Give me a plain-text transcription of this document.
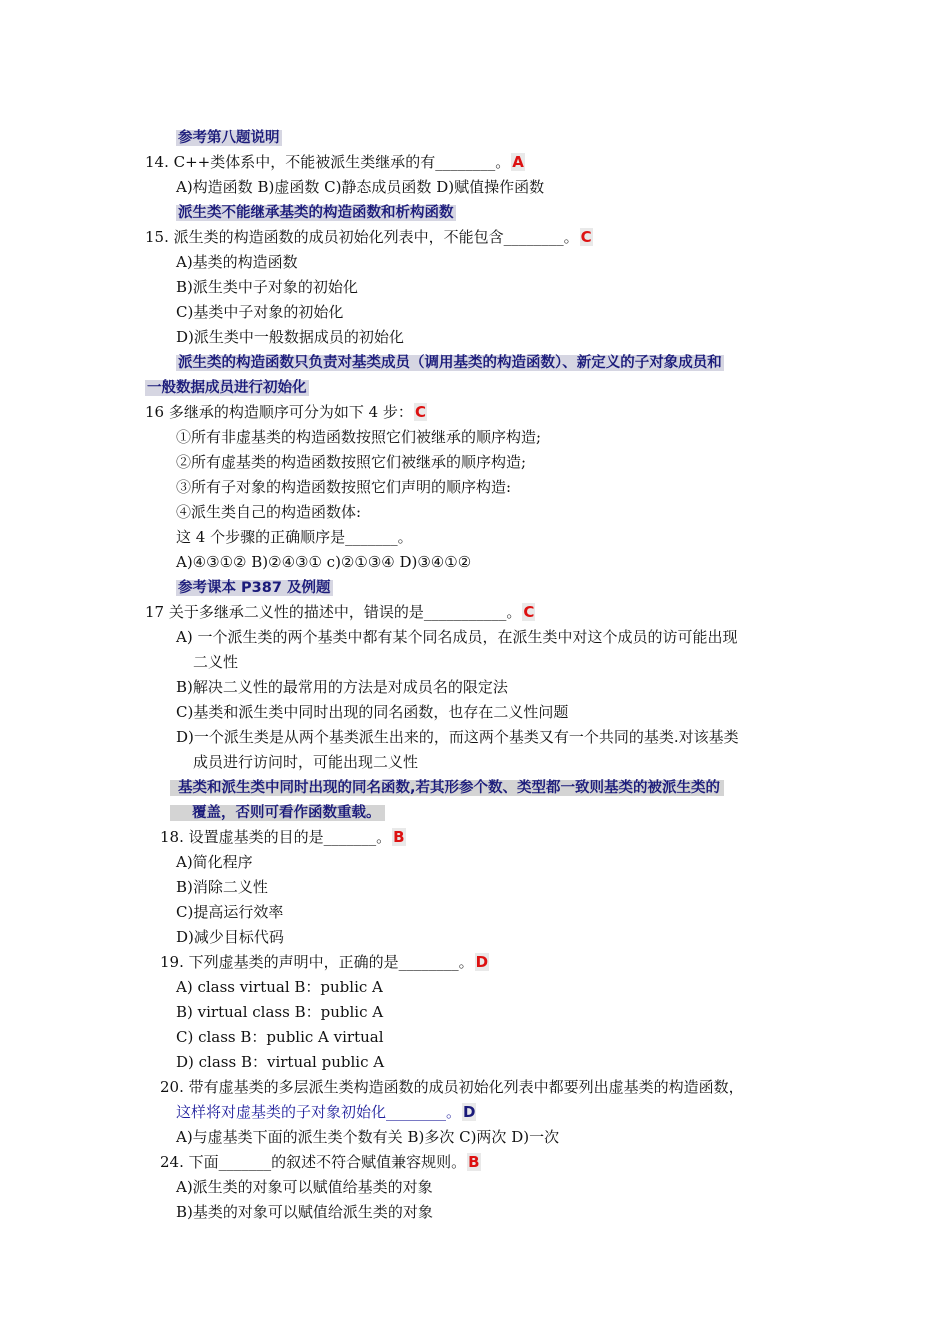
参考第八题说明
14. C++类体系中，不能被派生类继承的有________。 A
A)构造函数 B)虚函数 C)静态成员函数 D)赋值操作函数
派生类不能继承基类的构造函数和析构函数
15. 派生类的构造函数的成员初始化列表中，不能包含________。 C
A)基类的构造函数
B)派生类中子对象的初始化
C)基类中子对象的初始化
D)派生类中一般数据成员的初始化
派生类的构造函数只负责对基类成员（调用基类的构造函数）、新定义的子对象成员和
一般数据成员进行初始化
16 多继承的构造顺序可分为如下 4 步： C
①所有非虚基类的构造函数按照它们被继承的顺序构造;
②所有虚基类的构造函数按照它们被继承的顺序构造;
③所有子对象的构造函数按照它们声明的顺序构造:
④派生类自己的构造函数体:
这 4 个步骤的正确顺序是_______。
A)④③①② B)②④③① c)②①③④ D)③④①②
参考课本 P387 及例题
17 关于多继承二义性的描述中，错误的是___________。 C
A) 一个派生类的两个基类中都有某个同名成员，在派生类中对这个成员的访可能出现
二义性
B)解决二义性的最常用的方法是对成员名的限定法
C)基类和派生类中同时出现的同名函数，也存在二义性问题
D)一个派生类是从两个基类派生出来的，而这两个基类又有一个共同的基类.对该基类
成员进行访问时，可能出现二义性
基类和派生类中同时出现的同名函数,若其形参个数、类型都一致则基类的被派生类的
覆盖，否则可看作函数重载。
18. 设置虚基类的目的是_______。 B
A)简化程序
B)消除二义性
C)提高运行效率
D)减少目标代码
19. 下列虚基类的声明中，正确的是________。 D
A) class virtual B：public A
B) virtual class B：public A
C) class B：public A virtual
D) class B：virtual public A
20. 带有虚基类的多层派生类构造函数的成员初始化列表中都要列出虚基类的构造函数，
这样将对虚基类的子对象初始化________。 D
A)与虚基类下面的派生类个数有关 B)多次 C)两次 D)一次
24. 下面_______的叙述不符合赋值兼容规则。 B
A)派生类的对象可以赋值给基类的对象
B)基类的对象可以赋值给派生类的对象
